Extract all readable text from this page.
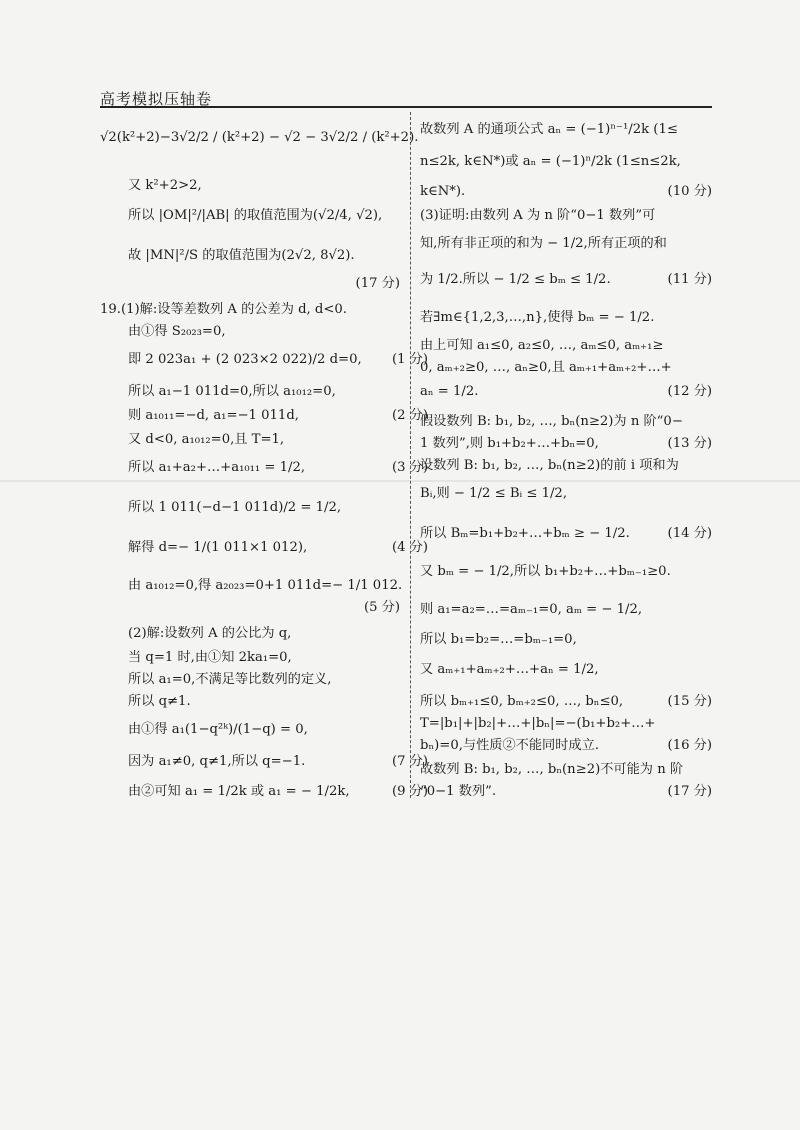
高考模拟压轴卷
√2(k²+2)−3√2/2 / (k²+2) − √2 − 3√2/2 / (k²+2).
又 k²+2>2,
所以 |OM|²/|AB| 的取值范围为(√2/4, √2),
故 |MN|²/S 的取值范围为(2√2, 8√2).
(17 分)
19.(1)解:设等差数列 A 的公差为 d, d<0.
由①得 S₂₀₂₃=0,
即 2 023a₁ + (2 023×2 022)/2 d=0, (1 分)
所以 a₁−1 011d=0,所以 a₁₀₁₂=0,
则 a₁₀₁₁=−d, a₁=−1 011d,	(2 分)
又 d<0, a₁₀₁₂=0,且 T=1,
所以 a₁+a₂+…+a₁₀₁₁ = 1/2,	(3 分)
所以 1 011(−d−1 011d)/2 = 1/2,
解得 d=− 1/(1 011×1 012),	(4 分)
由 a₁₀₁₂=0,得 a₂₀₂₃=0+1 011d=− 1/1 012.
(5 分)
(2)解:设数列 A 的公比为 q,
当 q=1 时,由①知 2ka₁=0,
所以 a₁=0,不满足等比数列的定义,
所以 q≠1.
由①得 a₁(1−q²ᵏ)/(1−q) = 0,
因为 a₁≠0, q≠1,所以 q=−1.	(7 分)
由②可知 a₁ = 1/2k 或 a₁ = − 1/2k,	(9 分)
故数列 A 的通项公式 aₙ = (−1)ⁿ⁻¹/2k (1≤
n≤2k, k∈N*)或 aₙ = (−1)ⁿ/2k (1≤n≤2k,
k∈N*).	(10 分)
(3)证明:由数列 A 为 n 阶“0−1 数列”可
知,所有非正项的和为 − 1/2,所有正项的和
为 1/2.所以 − 1/2 ≤ bₘ ≤ 1/2.	(11 分)
若∃m∈{1,2,3,…,n},使得 bₘ = − 1/2.
由上可知 a₁≤0, a₂≤0, …, aₘ≤0, aₘ₊₁≥
0, aₘ₊₂≥0, …, aₙ≥0,且 aₘ₊₁+aₘ₊₂+…+
aₙ = 1/2.	(12 分)
假设数列 B: b₁, b₂, …, bₙ(n≥2)为 n 阶“0−
1 数列”,则 b₁+b₂+…+bₙ=0,	(13 分)
设数列 B: b₁, b₂, …, bₙ(n≥2)的前 i 项和为
Bᵢ,则 − 1/2 ≤ Bᵢ ≤ 1/2,
所以 Bₘ=b₁+b₂+…+bₘ ≥ − 1/2.	(14 分)
又 bₘ = − 1/2,所以 b₁+b₂+…+bₘ₋₁≥0.
则 a₁=a₂=…=aₘ₋₁=0, aₘ = − 1/2,
所以 b₁=b₂=…=bₘ₋₁=0,
又 aₘ₊₁+aₘ₊₂+…+aₙ = 1/2,
所以 bₘ₊₁≤0, bₘ₊₂≤0, …, bₙ≤0,	(15 分)
T=|b₁|+|b₂|+…+|bₙ|=−(b₁+b₂+…+
bₙ)=0,与性质②不能同时成立.	(16 分)
故数列 B: b₁, b₂, …, bₙ(n≥2)不可能为 n 阶
“0−1 数列”.	(17 分)
